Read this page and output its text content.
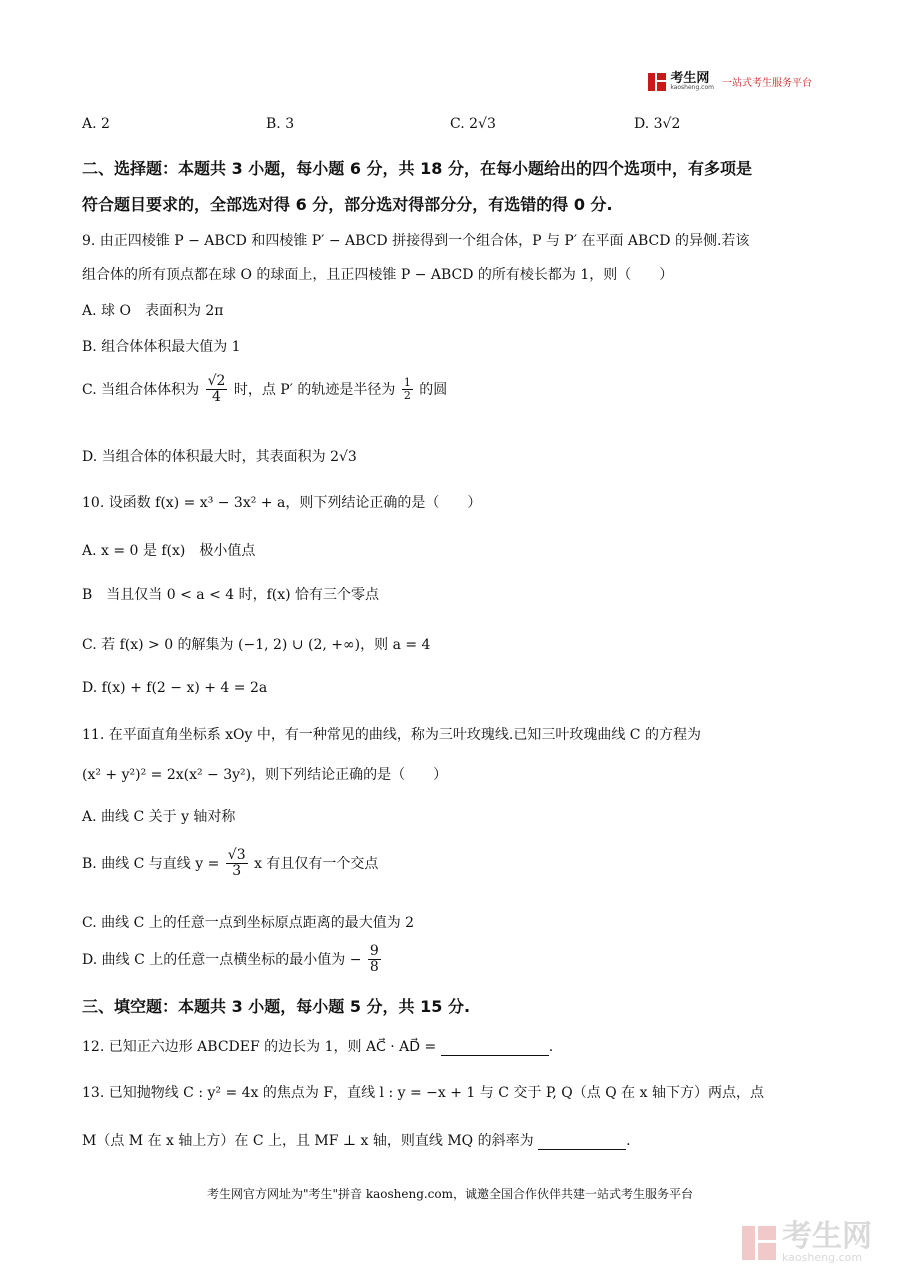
考生网
kaosheng.com 一站式考生服务平台
A. 2	B. 3	C. 2√3	D. 3√2
二、选择题：本题共 3 小题，每小题 6 分，共 18 分，在每小题给出的四个选项中，有多项是
符合题目要求的，全部选对得 6 分，部分选对得部分分，有选错的得 0 分.
9. 由正四棱锥 P − ABCD 和四棱锥 P′ − ABCD 拼接得到一个组合体，P 与 P′ 在平面 ABCD 的异侧.若该
组合体的所有顶点都在球 O 的球面上，且正四棱锥 P − ABCD 的所有棱长都为 1，则（　　）
A. 球 O　表面积为 2π
B. 组合体体积最大值为 1
C. 当组合体体积为 $\frac{√2}{4}$ 时，点 P′ 的轨迹是半径为 $\frac{1}{2}$ 的圆
D. 当组合体的体积最大时，其表面积为 2√3
10. 设函数 f(x) = x³ − 3x² + a，则下列结论正确的是（　　）
A. x = 0 是 f(x)　极小值点
B　当且仅当 0 < a < 4 时，f(x) 恰有三个零点
C. 若 f(x) > 0 的解集为 (−1, 2) ∪ (2, +∞)，则 a = 4
D. f(x) + f(2 − x) + 4 = 2a
11. 在平面直角坐标系 xOy 中，有一种常见的曲线，称为三叶玫瑰线.已知三叶玫瑰曲线 C 的方程为
(x² + y²)² = 2x(x² − 3y²)，则下列结论正确的是（　　）
A. 曲线 C 关于 y 轴对称
B. 曲线 C 与直线 $y = \frac{√3}{3}$ x 有且仅有一个交点
C. 曲线 C 上的任意一点到坐标原点距离的最大值为 2
D. 曲线 C 上的任意一点横坐标的最小值为 − $\frac{9}{8}$
三、填空题：本题共 3 小题，每小题 5 分，共 15 分.
12. 已知正六边形 ABCDEF 的边长为 1，则 AC⃗ · AD⃗ =	.
13. 已知抛物线 C : y² = 4x 的焦点为 F，直线 l : y = −x + 1 与 C 交于 P, Q（点 Q 在 x 轴下方）两点，点
M（点 M 在 x 轴上方）在 C 上，且 MF ⊥ x 轴，则直线 MQ 的斜率为	.
考生网官方网址为"考生"拼音 kaosheng.com，诚邀全国合作伙伴共建一站式考生服务平台
考生网
kaosheng.com
